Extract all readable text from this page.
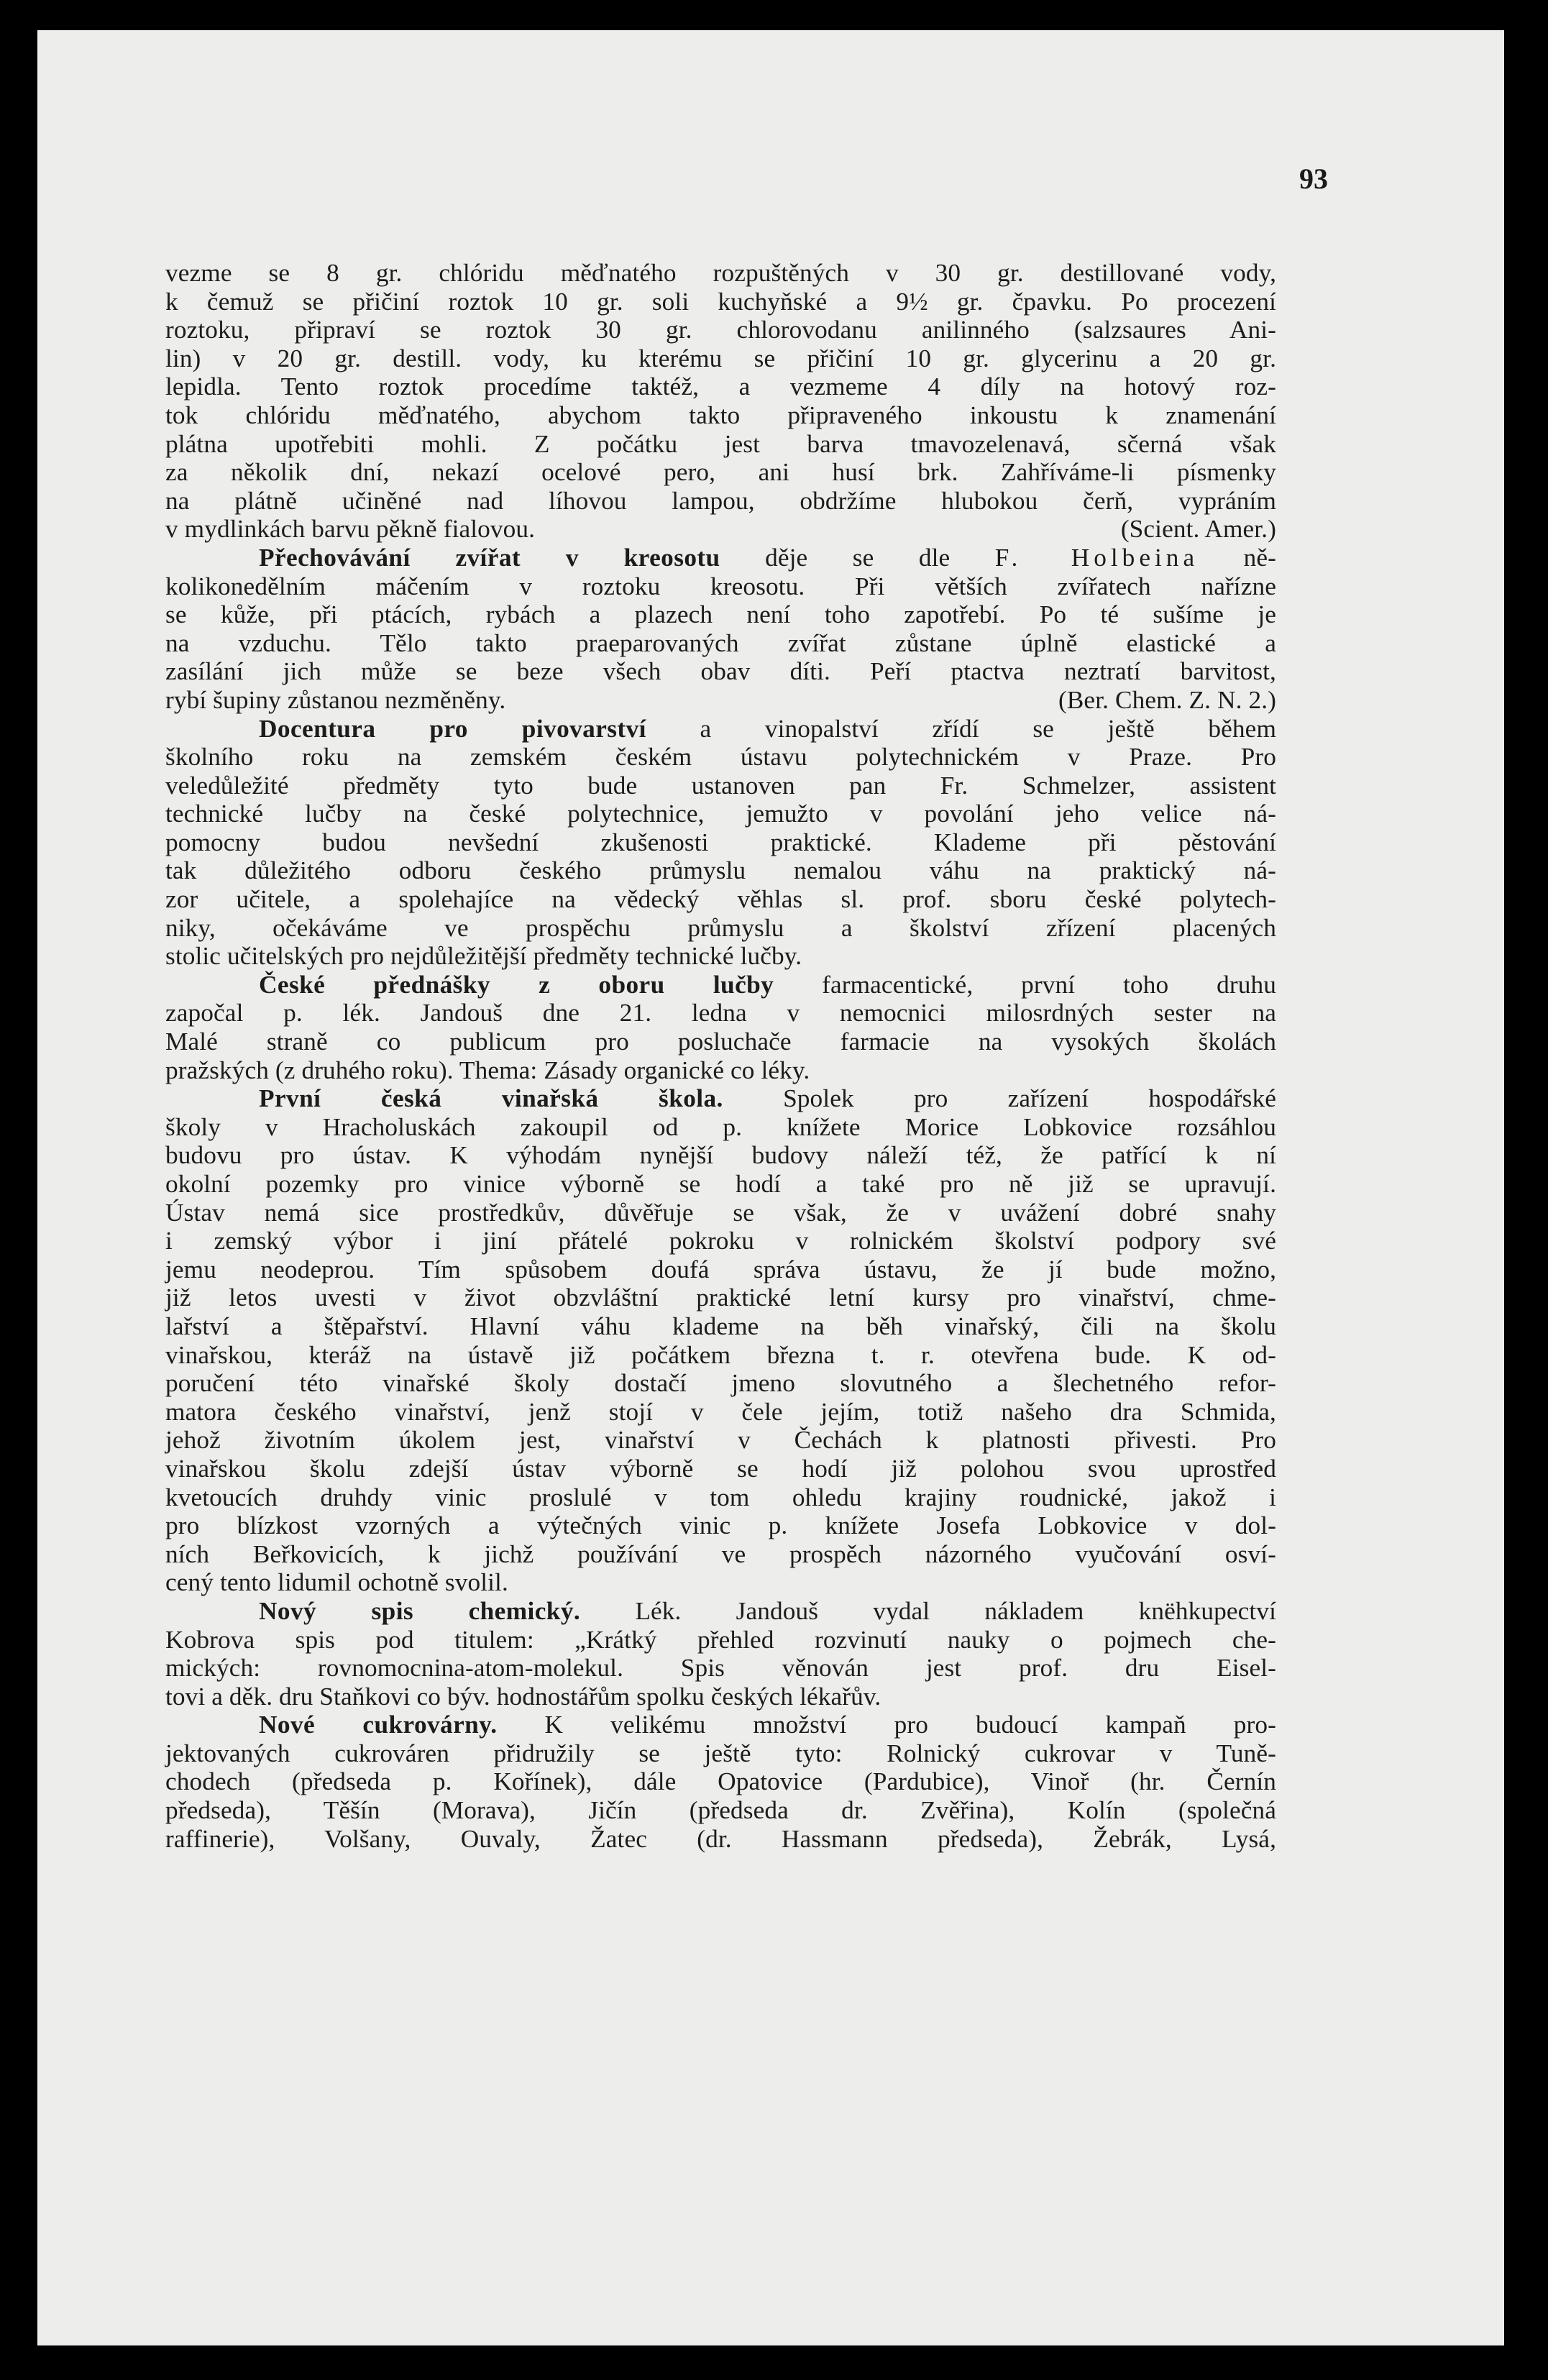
93
vezme se 8 gr. chlóridu měďnatého rozpuštěných v 30 gr. destillované vody,
k čemuž se přičiní roztok 10 gr. soli kuchyňské a 9½ gr. čpavku. Po procezení
roztoku, připraví se roztok 30 gr. chlorovodanu anilinného (salzsaures Ani-
lin) v 20 gr. destill. vody, ku kterému se přičiní 10 gr. glycerinu a 20 gr.
lepidla. Tento roztok procedíme taktéž, a vezmeme 4 díly na hotový roz-
tok chlóridu měďnatého, abychom takto připraveného inkoustu k znamenání
plátna upotřebiti mohli. Z počátku jest barva tmavozelenavá, sčerná však
za několik dní, nekazí ocelové pero, ani husí brk. Zahříváme-li písmenky
na plátně učiněné nad líhovou lampou, obdržíme hlubokou čerň, vypráním
v mydlinkách barvu pěkně fialovou.	(Scient. Amer.)
Přechovávání zvířat v kreosotu děje se dle F. Holbeina ně-
kolikonedělním máčením v roztoku kreosotu. Při větších zvířatech nařízne
se kůže, při ptácích, rybách a plazech není toho zapotřebí. Po té sušíme je
na vzduchu. Tělo takto praeparovaných zvířat zůstane úplně elastické a
zasílání jich může se beze všech obav díti. Peří ptactva neztratí barvitost,
rybí šupiny zůstanou nezměněny.	(Ber. Chem. Z. N. 2.)
Docentura pro pivovarství a vinopalství zřídí se ještě během
školního roku na zemském českém ústavu polytechnickém v Praze. Pro
veledůležité předměty tyto bude ustanoven pan Fr. Schmelzer, assistent
technické lučby na české polytechnice, jemužto v povolání jeho velice ná-
pomocny budou nevšední zkušenosti praktické. Klademe při pěstování
tak důležitého odboru českého průmyslu nemalou váhu na praktický ná-
zor učitele, a spolehajíce na vědecký věhlas sl. prof. sboru české polytech-
niky, očekáváme ve prospěchu průmyslu a školství zřízení placených
stolic učitelských pro nejdůležitější předměty technické lučby.
České přednášky z oboru lučby farmacentické, první toho druhu
započal p. lék. Jandouš dne 21. ledna v nemocnici milosrdných sester na
Malé straně co publicum pro posluchače farmacie na vysokých školách
pražských (z druhého roku). Thema: Zásady organické co léky.
První česká vinařská škola. Spolek pro zařízení hospodářské
školy v Hracholuskách zakoupil od p. knížete Morice Lobkovice rozsáhlou
budovu pro ústav. K výhodám nynější budovy náleží též, že patřící k ní
okolní pozemky pro vinice výborně se hodí a také pro ně již se upravují.
Ústav nemá sice prostředkův, důvěřuje se však, že v uvážení dobré snahy
i zemský výbor i jiní přátelé pokroku v rolnickém školství podpory své
jemu neodeprou. Tím spůsobem doufá správa ústavu, že jí bude možno,
již letos uvesti v život obzvláštní praktické letní kursy pro vinařství, chme-
lařství a štěpařství. Hlavní váhu klademe na běh vinařský, čili na školu
vinařskou, kteráž na ústavě již počátkem března t. r. otevřena bude. K od-
poručení této vinařské školy dostačí jmeno slovutného a šlechetného refor-
matora českého vinařství, jenž stojí v čele jejím, totiž našeho dra Schmida,
jehož životním úkolem jest, vinařství v Čechách k platnosti přivesti. Pro
vinařskou školu zdejší ústav výborně se hodí již polohou svou uprostřed
kvetoucích druhdy vinic proslulé v tom ohledu krajiny roudnické, jakož i
pro blízkost vzorných a výtečných vinic p. knížete Josefa Lobkovice v dol-
ních Beřkovicích, k jichž používání ve prospěch názorného vyučování osví-
cený tento lidumil ochotně svolil.
Nový spis chemický. Lék. Jandouš vydal nákladem knëhkupectví
Kobrova spis pod titulem: „Krátký přehled rozvinutí nauky o pojmech che-
mických: rovnomocnina-atom-molekul. Spis věnován jest prof. dru Eisel-
tovi a děk. dru Staňkovi co býv. hodnostářům spolku českých lékařův.
Nové cukrovárny. K velikému množství pro budoucí kampaň pro-
jektovaných cukrováren přidružily se ještě tyto: Rolnický cukrovar v Tuně-
chodech (předseda p. Kořínek), dále Opatovice (Pardubice), Vinoř (hr. Černín
předseda), Těšín (Morava), Jičín (předseda dr. Zvěřina), Kolín (společná
raffinerie), Volšany, Ouvaly, Žatec (dr. Hassmann předseda), Žebrák, Lysá,
